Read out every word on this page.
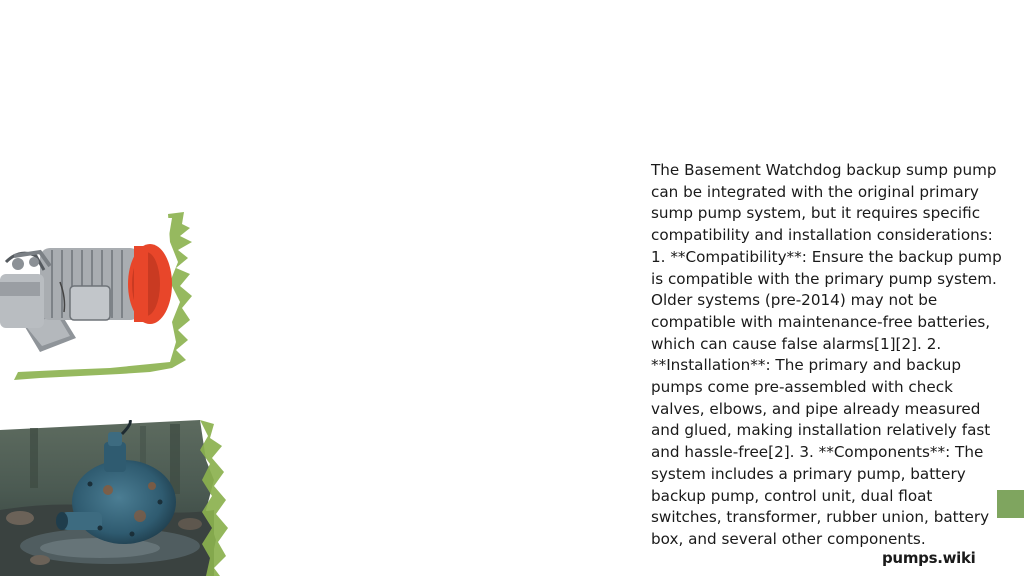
The Basement Watchdog backup sump pump can be integrated with the original primary sump pump system, but it requires specific compatibility and installation considerations: 1. **Compatibility**: Ensure the backup pump is compatible with the primary pump system. Older systems (pre-2014) may not be compatible with maintenance-free batteries, which can cause false alarms[1][2]. 2. **Installation**: The primary and backup pumps come pre-assembled with check valves, elbows, and pipe already measured and glued, making installation relatively fast and hassle-free[2]. 3. **Components**: The system includes a primary pump, battery backup pump, control unit, dual float switches, transformer, rubber union, battery box, and several other components.
pumps.wiki
